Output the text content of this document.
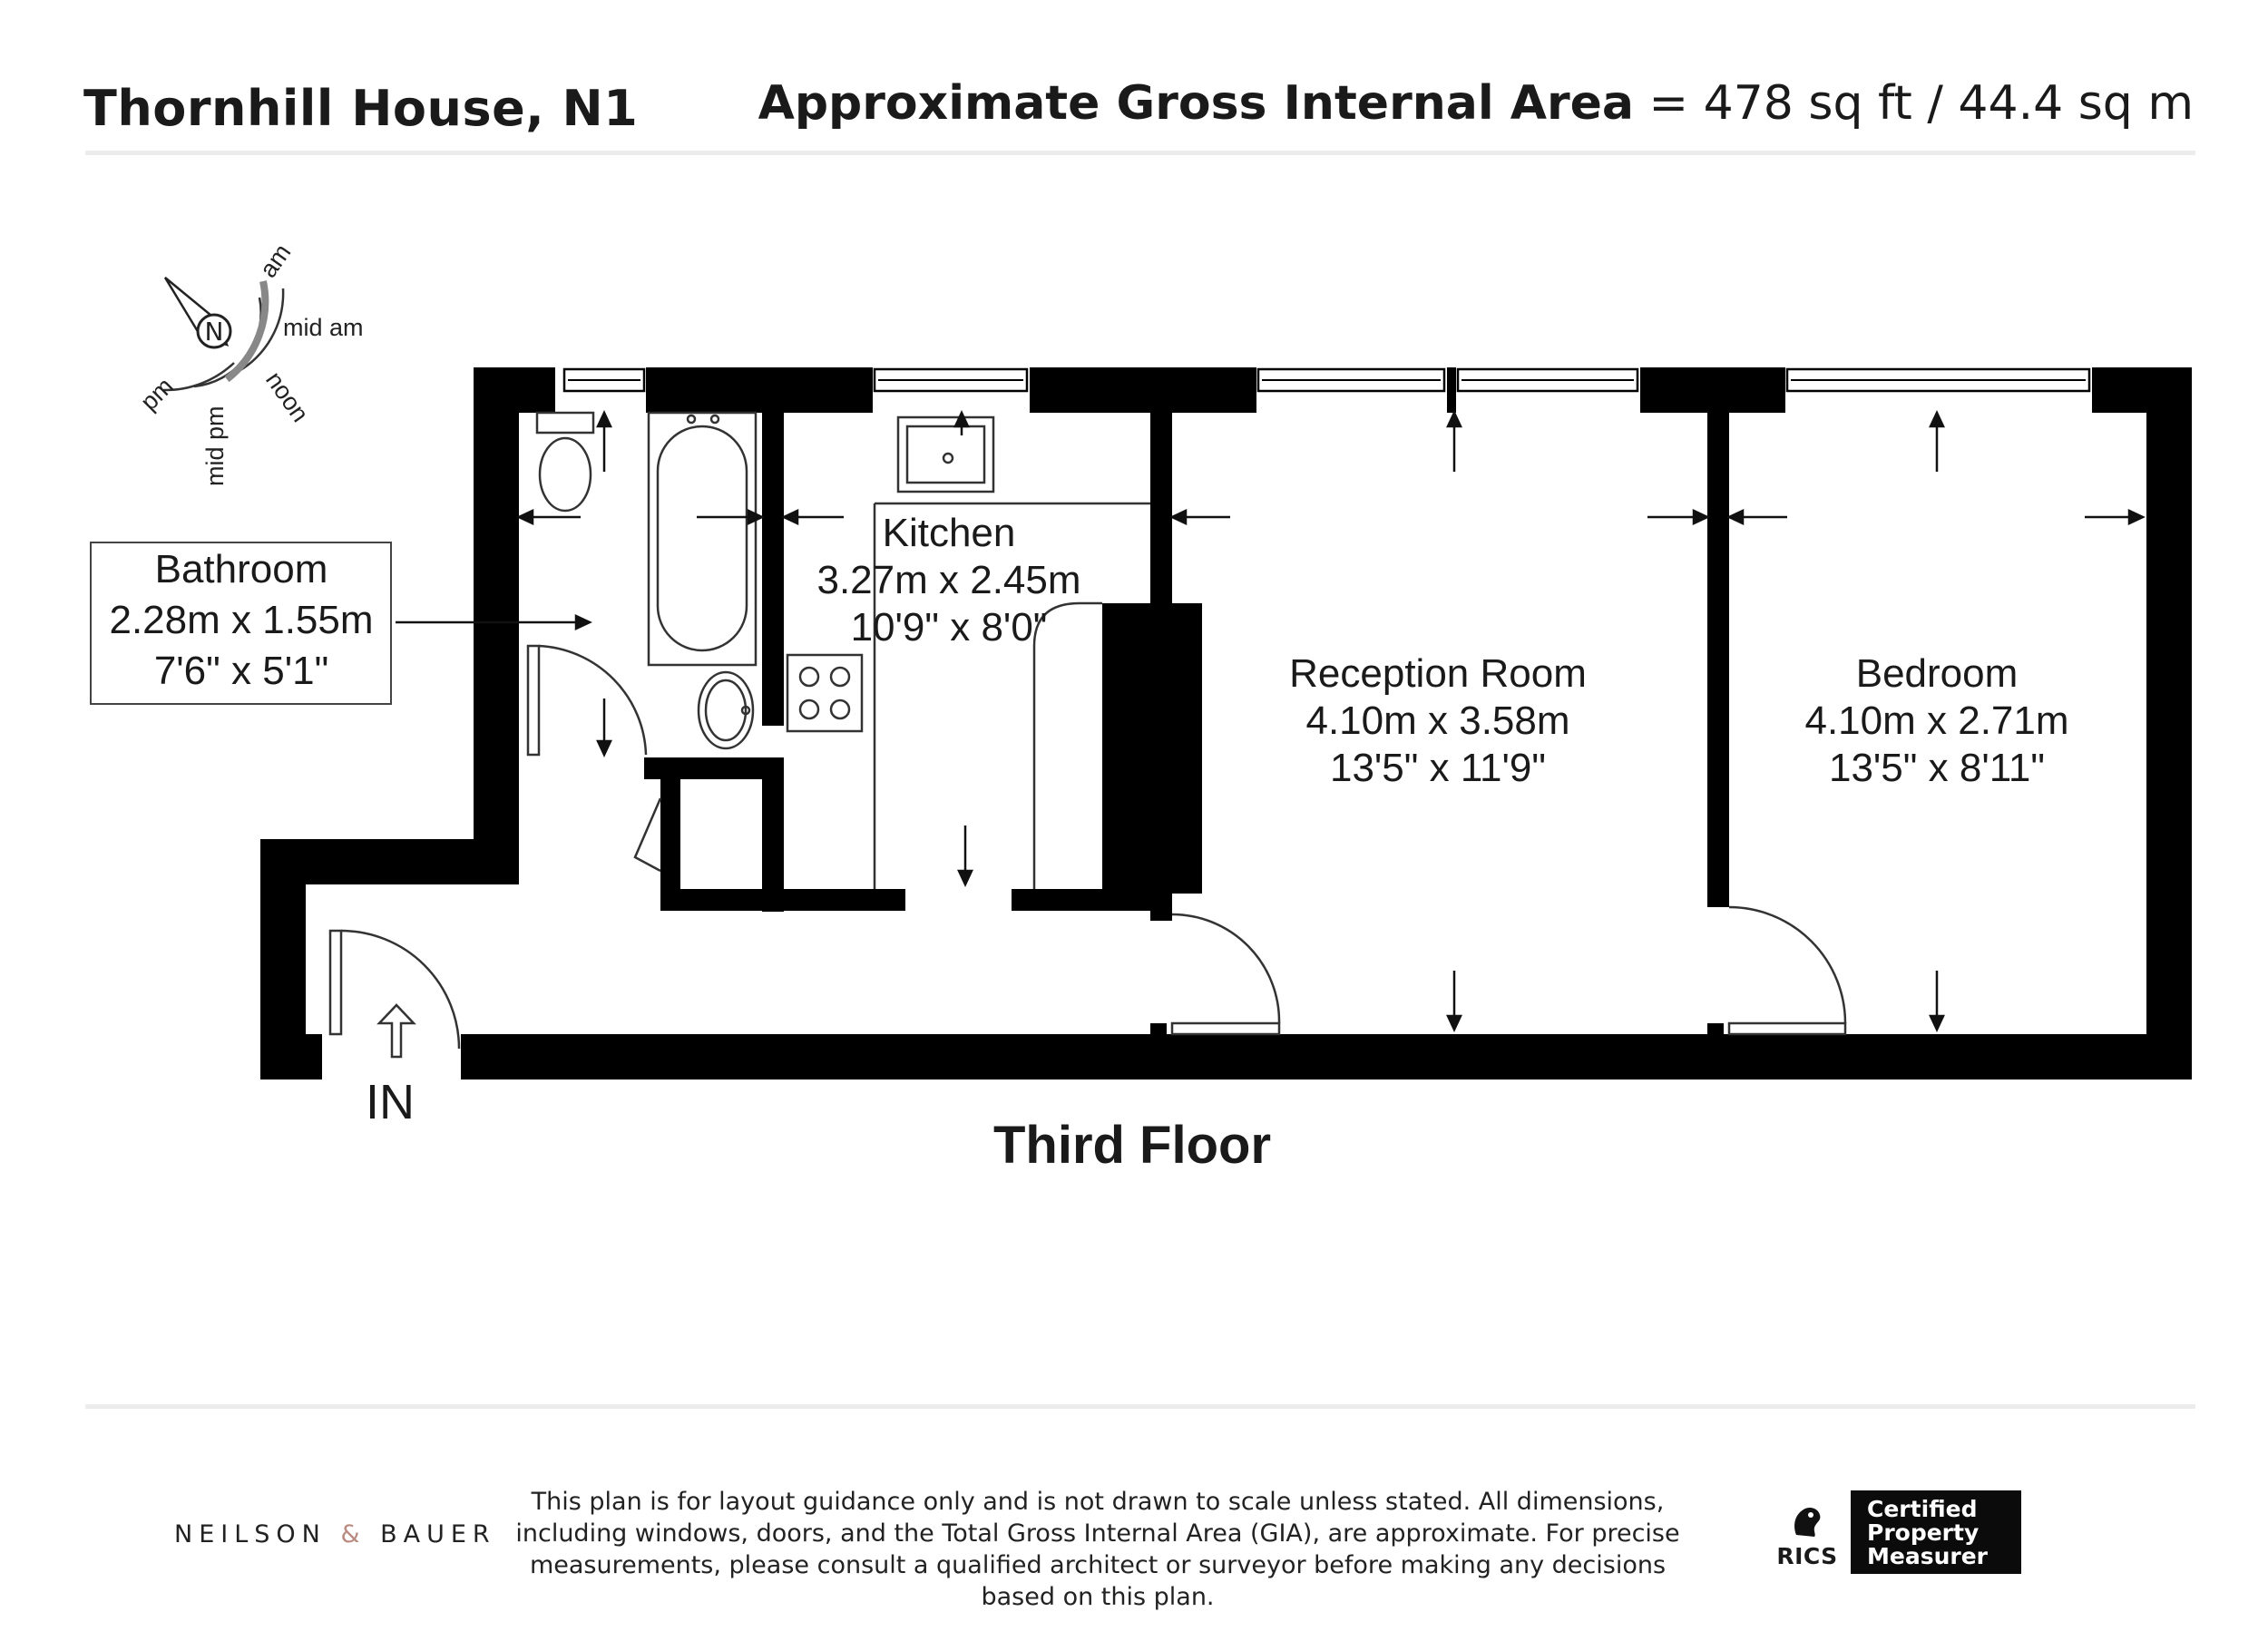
Thornhill House, N1	Approximate Gross Internal Area = 478 sq ft / 44.4 sq m
N mid am
am
noon
mid pm
pm
Bathroom
2.28m x 1.55m
7'6" x 5'1"
Kitchen
3.27m x 2.45m
10'9" x 8'0"
Reception Room
4.10m x 3.58m
13'5" x 11'9"
Bedroom
4.10m x 2.71m
13'5" x 8'11"
IN
Third Floor
NEILSON & BAUER
This plan is for layout guidance only and is not drawn to scale unless stated. All dimensions, including windows, doors, and the Total Gross Internal Area (GIA), are approximate. For precise measurements, please consult a qualified architect or surveyor before making any decisions based on this plan.
RICS
Certified
Property
Measurer
